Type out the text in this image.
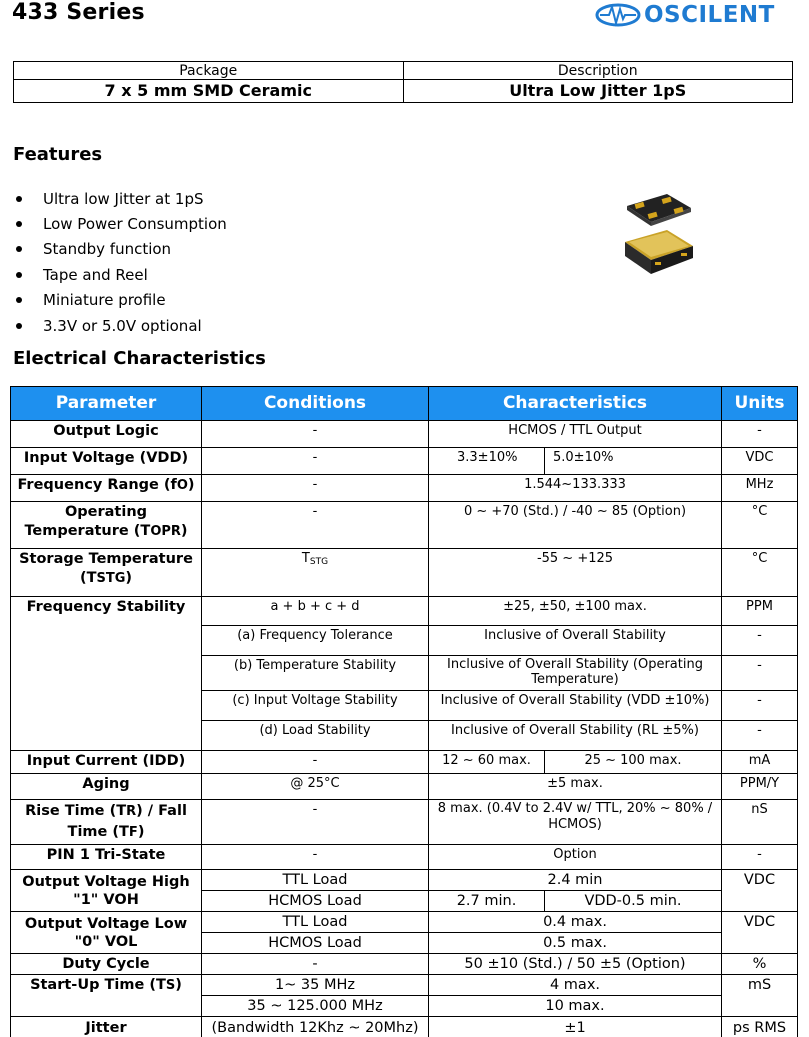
433 Series	OSCILENT
Package	Description
7 x 5 mm SMD Ceramic	Ultra Low Jitter 1pS
Features
Ultra low Jitter at 1pS
Low Power Consumption
Standby function
Tape and Reel
Miniature profile
3.3V or 5.0V optional
Electrical Characteristics
Parameter	Conditions	Characteristics		Units
Output Logic	-	HCMOS / TTL Output		-
Input Voltage (VDD)	-	3.3±10%	5.0±10%	VDC
Frequency Range (fO)	-	1.544~133.333		MHz
Operating
Temperature (TOPR)	-	0 ~ +70 (Std.) / -40 ~ 85 (Option)		°C
Storage Temperature
(TSTG)	$T_{STG}$	-55 ~ +125		°C
Frequency Stability	a + b + c + d	±25, ±50, ±100 max.		PPM
	(a) Frequency Tolerance	Inclusive of Overall Stability		-
	(b) Temperature Stability	Inclusive of Overall Stability (Operating Temperature)		-
	(c) Input Voltage Stability	Inclusive of Overall Stability (VDD ±10%)		-
	(d) Load Stability	Inclusive of Overall Stability (RL ±5%)		-
Input Current (IDD)	-	12 ~ 60 max.	25 ~ 100 max.	mA
Aging	@ 25°C	±5 max.		PPM/Y
Rise Time (TR) / Fall
Time (TF)	-	8 max. (0.4V to 2.4V w/ TTL, 20% ~ 80% / HCMOS)		nS
PIN 1 Tri-State	-	Option		-
Output Voltage High
"1" VOH	TTL Load	2.4 min		VDC
	HCMOS Load	2.7 min.	VDD-0.5 min.	
Output Voltage Low
"0" VOL	TTL Load	0.4 max.		VDC
	HCMOS Load	0.5 max.		
Duty Cycle	-	50 ±10 (Std.) / 50 ±5 (Option)		%
Start-Up Time (TS)	1~ 35 MHz	4 max.		mS
	35 ~ 125.000 MHz	10 max.		
Jitter	(Bandwidth 12Khz ~ 20Mhz)	±1		ps RMS
